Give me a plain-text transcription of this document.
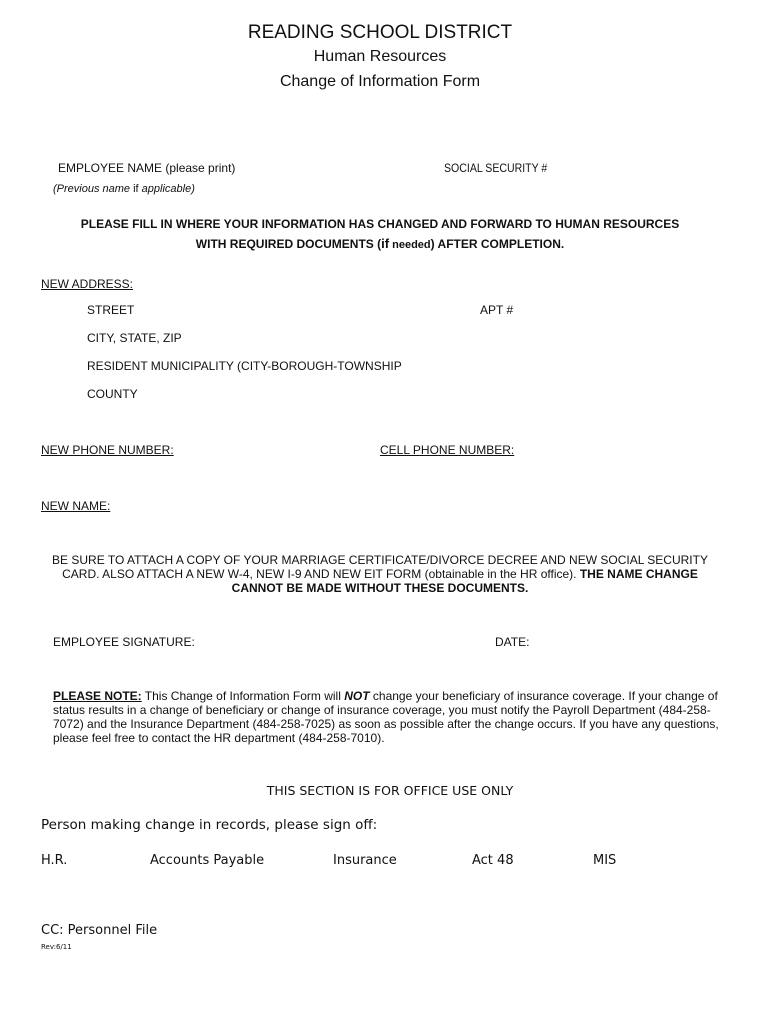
READING SCHOOL DISTRICT
Human Resources
Change of Information Form
EMPLOYEE NAME (please print)	SOCIAL SECURITY #
(Previous name if applicable)
PLEASE FILL IN WHERE YOUR INFORMATION HAS CHANGED AND FORWARD TO HUMAN RESOURCES
WITH REQUIRED DOCUMENTS (if needed) AFTER COMPLETION.
NEW ADDRESS:
STREET	APT #
CITY, STATE, ZIP
RESIDENT MUNICIPALITY (CITY-BOROUGH-TOWNSHIP
COUNTY
NEW PHONE NUMBER:	CELL PHONE NUMBER:
NEW NAME:
BE SURE TO ATTACH A COPY OF YOUR MARRIAGE CERTIFICATE/DIVORCE DECREE AND NEW SOCIAL SECURITY
CARD. ALSO ATTACH A NEW W-4, NEW I-9 AND NEW EIT FORM (obtainable in the HR office). THE NAME CHANGE
CANNOT BE MADE WITHOUT THESE DOCUMENTS.
EMPLOYEE SIGNATURE:	DATE:
PLEASE NOTE: This Change of Information Form will NOT change your beneficiary of insurance coverage. If your change of status results in a change of beneficiary or change of insurance coverage, you must notify the Payroll Department (484-258-7072) and the Insurance Department (484-258-7025) as soon as possible after the change occurs. If you have any questions, please feel free to contact the HR department (484-258-7010).
THIS SECTION IS FOR OFFICE USE ONLY
Person making change in records, please sign off:
H.R.	Accounts Payable	Insurance	Act 48	MIS
CC: Personnel File
Rev:6/11
